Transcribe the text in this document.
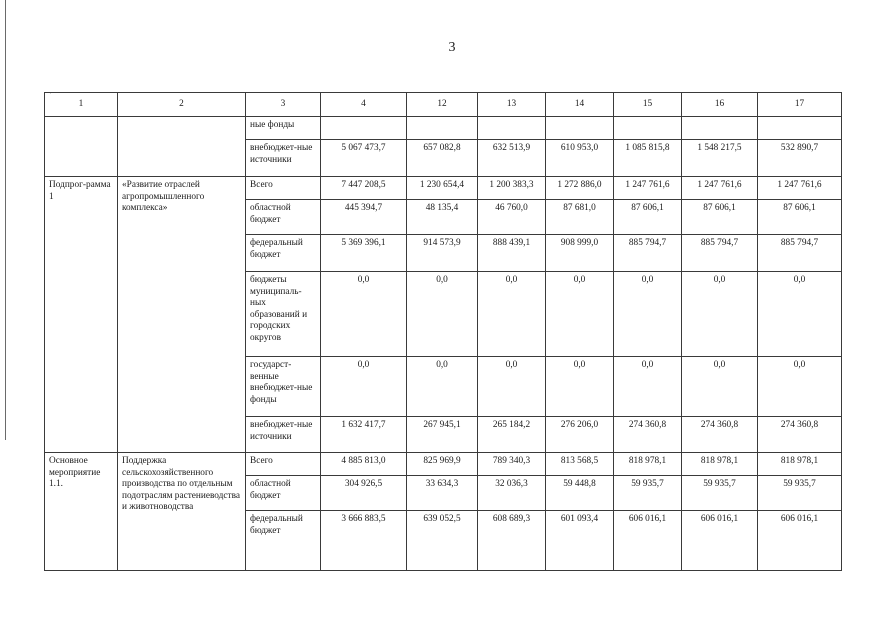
3
'
1	2	3	4	12	13	14	15	16	17
		ные фонды							
		внебюджет-ные источники	5 067 473,7	657 082,8	632 513,9	610 953,0	1 085 815,8	1 548 217,5	532 890,7
Подпрог-рамма 1	«Развитие отраслей агропромышленного комплекса»	Всего	7 447 208,5	1 230 654,4	1 200 383,3	1 272 886,0	1 247 761,6	1 247 761,6	1 247 761,6
		областной бюджет	445 394,7	48 135,4	46 760,0	87 681,0	87 606,1	87 606,1	87 606,1
		федеральный бюджет	5 369 396,1	914 573,9	888 439,1	908 999,0	885 794,7	885 794,7	885 794,7
		бюджеты муниципаль-ных образований и городских округов	0,0	0,0	0,0	0,0	0,0	0,0	0,0
		государст-венные внебюджет-ные фонды	0,0	0,0	0,0	0,0	0,0	0,0	0,0
		внебюджет-ные источники	1 632 417,7	267 945,1	265 184,2	276 206,0	274 360,8	274 360,8	274 360,8
Основное мероприятие 1.1.	Поддержка сельскохозяйственного производства по отдельным подотраслям растениеводства и животноводства	Всего	4 885 813,0	825 969,9	789 340,3	813 568,5	818 978,1	818 978,1	818 978,1
		областной бюджет	304 926,5	33 634,3	32 036,3	59 448,8	59 935,7	59 935,7	59 935,7
		федеральный бюджет	3 666 883,5	639 052,5	608 689,3	601 093,4	606 016,1	606 016,1	606 016,1
